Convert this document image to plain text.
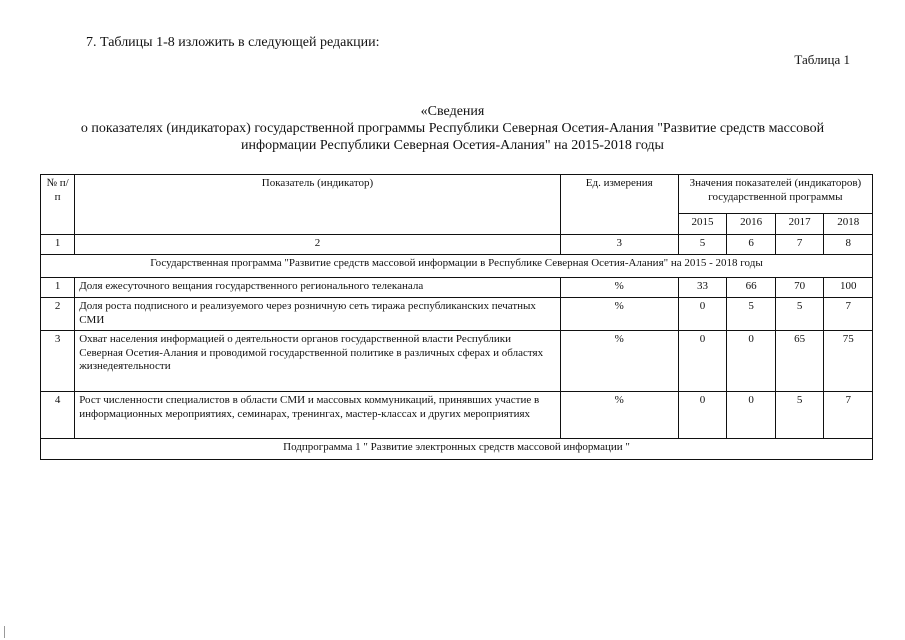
7. Таблицы 1-8 изложить в следующей редакции:
Таблица 1
«Сведения
о показателях (индикаторах) государственной программы Республики Северная Осетия-Алания "Развитие средств массовой
информации Республики Северная Осетия-Алания" на 2015-2018 годы
№ п/п	Показатель (индикатор)	Ед. измерения	Значения показателей (индикаторов) государственной программы			
			2015	2016	2017	2018
1	2	3	5	6	7	8
Государственная программа "Развитие средств массовой информации в Республике Северная Осетия-Алания" на 2015 - 2018 годы						
1	Доля ежесуточного вещания государственного регионального телеканала	%	33	66	70	100
2	Доля роста подписного и реализуемого через розничную сеть тиража республиканских печатных СМИ	%	0	5	5	7
3	Охват населения информацией о деятельности органов государственной власти Республики Северная Осетия-Алания и проводимой государственной политике в различных сферах и областях жизнедеятельности	%	0	0	65	75
4	Рост численности специалистов в области СМИ и массовых коммуникаций, принявших участие в информационных мероприятиях, семинарах, тренингах, мастер-классах и других мероприятиях	%	0	0	5	7
Подпрограмма 1 " Развитие электронных средств массовой информации "						
